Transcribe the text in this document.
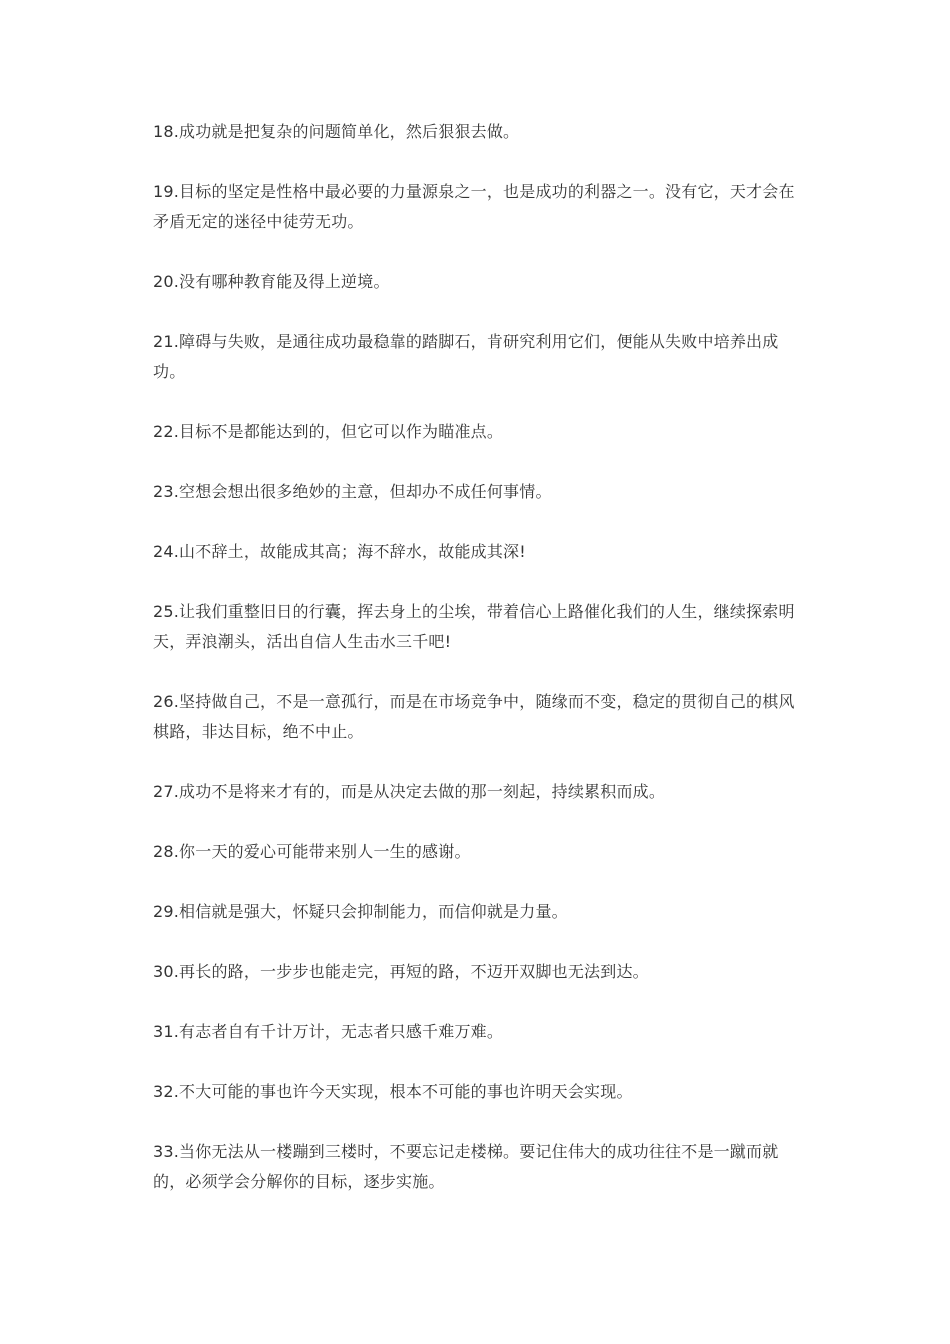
18.成功就是把复杂的问题简单化，然后狠狠去做。

19.目标的坚定是性格中最必要的力量源泉之一，也是成功的利器之一。没有它，天才会在矛盾无定的迷径中徒劳无功。

20.没有哪种教育能及得上逆境。

21.障碍与失败，是通往成功最稳靠的踏脚石，肯研究利用它们，便能从失败中培养出成功。

22.目标不是都能达到的，但它可以作为瞄准点。

23.空想会想出很多绝妙的主意，但却办不成任何事情。

24.山不辞土，故能成其高；海不辞水，故能成其深!

25.让我们重整旧日的行囊，挥去身上的尘埃，带着信心上路催化我们的人生，继续探索明天，弄浪潮头，活出自信人生击水三千吧!

26.坚持做自己，不是一意孤行，而是在市场竞争中，随缘而不变，稳定的贯彻自己的棋风棋路，非达目标，绝不中止。

27.成功不是将来才有的，而是从决定去做的那一刻起，持续累积而成。

28.你一天的爱心可能带来别人一生的感谢。

29.相信就是强大，怀疑只会抑制能力，而信仰就是力量。

30.再长的路，一步步也能走完，再短的路，不迈开双脚也无法到达。

31.有志者自有千计万计，无志者只感千难万难。

32.不大可能的事也许今天实现，根本不可能的事也许明天会实现。

33.当你无法从一楼蹦到三楼时，不要忘记走楼梯。要记住伟大的成功往往不是一蹴而就的，必须学会分解你的目标，逐步实施。
